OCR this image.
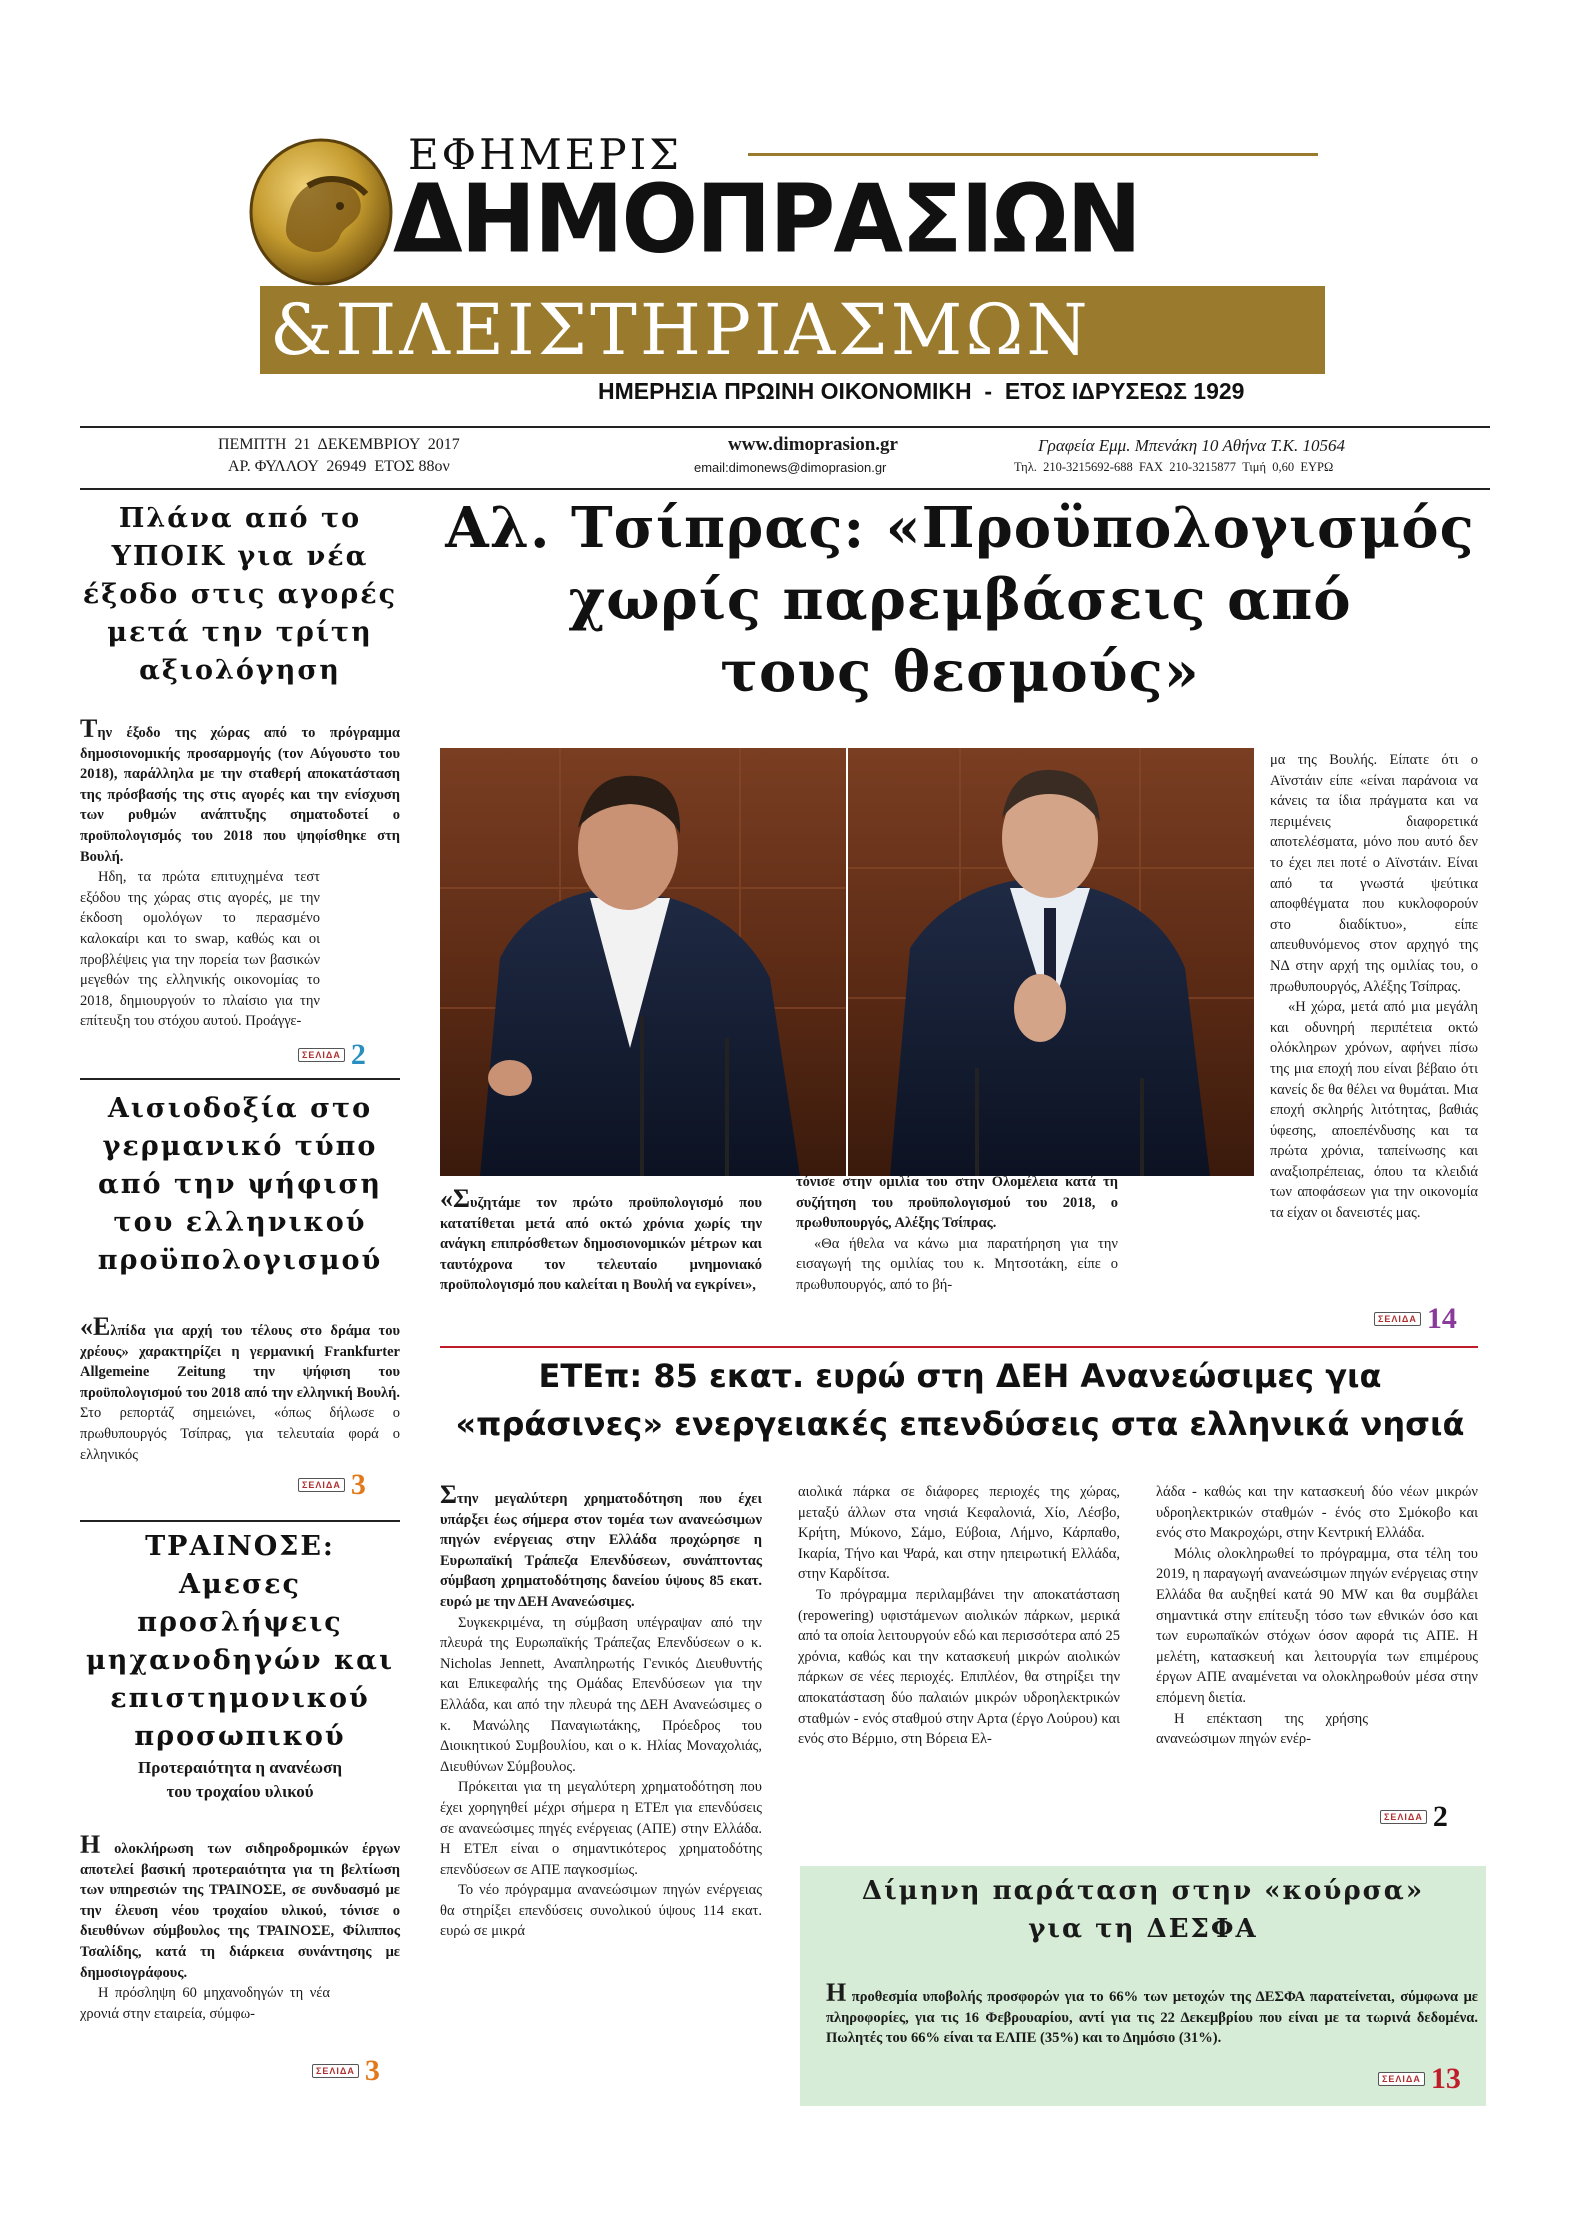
ΕΦΗΜΕΡΙΣ
ΔΗΜΟΠΡΑΣΙΩΝ
&ΠΛΕΙΣΤΗΡΙΑΣΜΩΝ
ΗΜΕΡΗΣΙΑ ΠΡΩΙΝΗ ΟΙΚΟΝΟΜΙΚΗ  -  ΕΤΟΣ ΙΔΡΥΣΕΩΣ 1929
ΠΕΜΠΤΗ  21  ΔΕΚΕΜΒΡΙΟΥ  2017
ΑΡ. ΦΥΛΛΟΥ  26949  ΕΤΟΣ 88ον
www.dimoprasion.gr
email:dimonews@dimoprasion.gr
Γραφεία Εμμ. Μπενάκη 10 Αθήνα Τ.Κ. 10564
Τηλ.  210-3215692-688  FAX  210-3215877  Τιμή  0,60  ΕΥΡΩ
Πλάνα από το
ΥΠΟΙΚ για νέα
έξοδο στις αγορές
μετά την τρίτη
αξιολόγηση

Την έξοδο της χώρας από το πρόγραμμα δημοσιονομικής προσαρμογής (τον Αύγουστο του 2018), παράλληλα με την σταθερή αποκατάσταση της πρόσβασής της στις αγορές και την ενίσχυση των ρυθμών ανάπτυξης σηματοδοτεί ο προϋπολογισμός του 2018 που ψηφίσθηκε στη Βουλή.

Ηδη, τα πρώτα επιτυχημένα τεστ εξόδου της χώρας στις αγορές, με την έκδοση ομολόγων το περασμένο καλοκαίρι και το swap, καθώς και οι προβλέψεις για την πορεία των βασικών μεγεθών της ελληνικής οικονομίας το 2018, δημιουργούν το πλαίσιο για την επίτευξη του στόχου αυτού. Προάγγε-

ΣΕΛΙΔΑ 2
Αισιοδοξία στο
γερμανικό τύπο
από την ψήφιση
του ελληνικού
προϋπολογισμού

«Ελπίδα για αρχή του τέλους στο δράμα του χρέους» χαρακτηρίζει η γερμανική Frankfurter Allgemeine Zeitung την ψήφιση του προϋπολογισμού του 2018 από την ελληνική Βουλή. Στο ρεπορτάζ σημειώνει, «όπως δήλωσε ο πρωθυπουργός Τσίπρας, για τελευταία φορά ο ελληνικός

ΣΕΛΙΔΑ 3
ΤΡΑΙΝΟΣΕ:
Αμεσες
προσλήψεις
μηχανοδηγών και
επιστημονικού
προσωπικού
Προτεραιότητα η ανανέωση
του τροχαίου υλικού

Η ολοκλήρωση των σιδηροδρομικών έργων αποτελεί βασική προτεραιότητα για τη βελτίωση των υπηρεσιών της ΤΡΑΙΝΟΣΕ, σε συνδυασμό με την έλευση νέου τροχαίου υλικού, τόνισε ο διευθύνων σύμβουλος της ΤΡΑΙΝΟΣΕ, Φίλιππος Τσαλίδης, κατά τη διάρκεια συνάντησης με δημοσιογράφους.

Η πρόσληψη 60 μηχανοδηγών τη νέα χρονιά στην εταιρεία, σύμφω-

ΣΕΛΙΔΑ 3
Αλ. Τσίπρας: «Προϋπολογισμός
χωρίς παρεμβάσεις από
τους θεσμούς»

«Συζητάμε τον πρώτο προϋπολογισμό που κατατίθεται μετά από οκτώ χρόνια χωρίς την ανάγκη επιπρόσθετων δημοσιονομικών μέτρων και ταυτόχρονα τον τελευταίο μνημονιακό προϋπολογισμό που καλείται η Βουλή να εγκρίνει»,

τόνισε στην ομιλία του στην Ολομέλεια κατά τη συζήτηση του προϋπολογισμού του 2018, ο πρωθυπουργός, Αλέξης Τσίπρας.

«Θα ήθελα να κάνω μια παρατήρηση για την εισαγωγή της ομιλίας του κ. Μητσοτάκη, είπε ο πρωθυπουργός, από το βή-

μα της Βουλής. Είπατε ότι ο Αϊνστάιν είπε «είναι παράνοια να κάνεις τα ίδια πράγματα και να περιμένεις διαφορετικά αποτελέσματα, μόνο που αυτό δεν το έχει πει ποτέ ο Αϊνστάιν. Είναι από τα γνωστά ψεύτικα αποφθέγματα που κυκλοφορούν στο διαδίκτυο», είπε απευθυνόμενος στον αρχηγό της ΝΔ στην αρχή της ομιλίας του, ο πρωθυπουργός, Αλέξης Τσίπρας.

«Η χώρα, μετά από μια μεγάλη και οδυνηρή περιπέτεια οκτώ ολόκληρων χρόνων, αφήνει πίσω της μια εποχή που είναι βέβαιο ότι κανείς δε θα θέλει να θυμάται. Μια εποχή σκληρής λιτότητας, βαθιάς ύφεσης, αποεπένδυσης και τα πρώτα χρόνια, ταπείνωσης και αναξιοπρέπειας, όπου τα κλειδιά των αποφάσεων για την οικονομία τα είχαν οι δανειστές μας.

ΣΕΛΙΔΑ 14
ΕΤΕπ: 85 εκατ. ευρώ στη ΔΕΗ Ανανεώσιμες για
«πράσινες» ενεργειακές επενδύσεις στα ελληνικά νησιά

Στην μεγαλύτερη χρηματοδότηση που έχει υπάρξει έως σήμερα στον τομέα των ανανεώσιμων πηγών ενέργειας στην Ελλάδα προχώρησε η Ευρωπαϊκή Τράπεζα Επενδύσεων, συνάπτοντας σύμβαση χρηματοδότησης δανείου ύψους 85 εκατ. ευρώ με την ΔΕΗ Ανανεώσιμες.

Συγκεκριμένα, τη σύμβαση υπέγραψαν από την πλευρά της Ευρωπαϊκής Τράπεζας Επενδύσεων ο κ. Nicholas Jennett, Αναπληρωτής Γενικός Διευθυντής και Επικεφαλής της Ομάδας Επενδύσεων για την Ελλάδα, και από την πλευρά της ΔΕΗ Ανανεώσιμες ο κ. Μανώλης Παναγιωτάκης, Πρόεδρος του Διοικητικού Συμβουλίου, και ο κ. Ηλίας Μοναχολιάς, Διευθύνων Σύμβουλος.

Πρόκειται για τη μεγαλύτερη χρηματοδότηση που έχει χορηγηθεί μέχρι σήμερα η ΕΤΕπ για επενδύσεις σε ανανεώσιμες πηγές ενέργειας (ΑΠΕ) στην Ελλάδα. Η ΕΤΕπ είναι ο σημαντικότερος χρηματοδότης επενδύσεων σε ΑΠΕ παγκοσμίως.

Το νέο πρόγραμμα ανανεώσιμων πηγών ενέργειας θα στηρίξει επενδύσεις συνολικού ύψους 114 εκατ. ευρώ σε μικρά

αιολικά πάρκα σε διάφορες περιοχές της χώρας, μεταξύ άλλων στα νησιά Κεφαλονιά, Χίο, Λέσβο, Κρήτη, Μύκονο, Σάμο, Εύβοια, Λήμνο, Κάρπαθο, Ικαρία, Τήνο και Ψαρά, και στην ηπειρωτική Ελλάδα, στην Καρδίτσα.

Το πρόγραμμα περιλαμβάνει την αποκατάσταση (repowering) υφιστάμενων αιολικών πάρκων, μερικά από τα οποία λειτουργούν εδώ και περισσότερα από 25 χρόνια, καθώς και την κατασκευή μικρών αιολικών πάρκων σε νέες περιοχές. Επιπλέον, θα στηρίξει την αποκατάσταση δύο παλαιών μικρών υδροηλεκτρικών σταθμών - ενός σταθμού στην Αρτα (έργο Λούρου) και ενός στο Βέρμιο, στη Βόρεια Ελ-

λάδα - καθώς και την κατασκευή δύο νέων μικρών υδροηλεκτρικών σταθμών - ένός στο Σμόκοβο και ενός στο Μακροχώρι, στην Κεντρική Ελλάδα.

Μόλις ολοκληρωθεί το πρόγραμμα, στα τέλη του 2019, η παραγωγή ανανεώσιμων πηγών ενέργειας στην Ελλάδα θα αυξηθεί κατά 90 MW και θα συμβάλει σημαντικά στην επίτευξη τόσο των εθνικών όσο και των ευρωπαϊκών στόχων όσον αφορά τις ΑΠΕ. Η μελέτη, κατασκευή και λειτουργία των επιμέρους έργων ΑΠΕ αναμένεται να ολοκληρωθούν μέσα στην επόμενη διετία.

Η επέκταση της χρήσης ανανεώσιμων πηγών ενέρ-

ΣΕΛΙΔΑ 2
Δίμηνη παράταση στην «κούρσα»
για τη ΔΕΣΦΑ

Η προθεσμία υποβολής προσφορών για το 66% των μετοχών της ΔΕΣΦΑ παρατείνεται, σύμφωνα με πληροφορίες, για τις 16 Φεβρουαρίου, αντί για τις 22 Δεκεμβρίου που είναι με τα τωρινά δεδομένα. Πωλητές του 66% είναι τα ΕΛΠΕ (35%) και το Δημόσιο (31%).

ΣΕΛΙΔΑ 13
